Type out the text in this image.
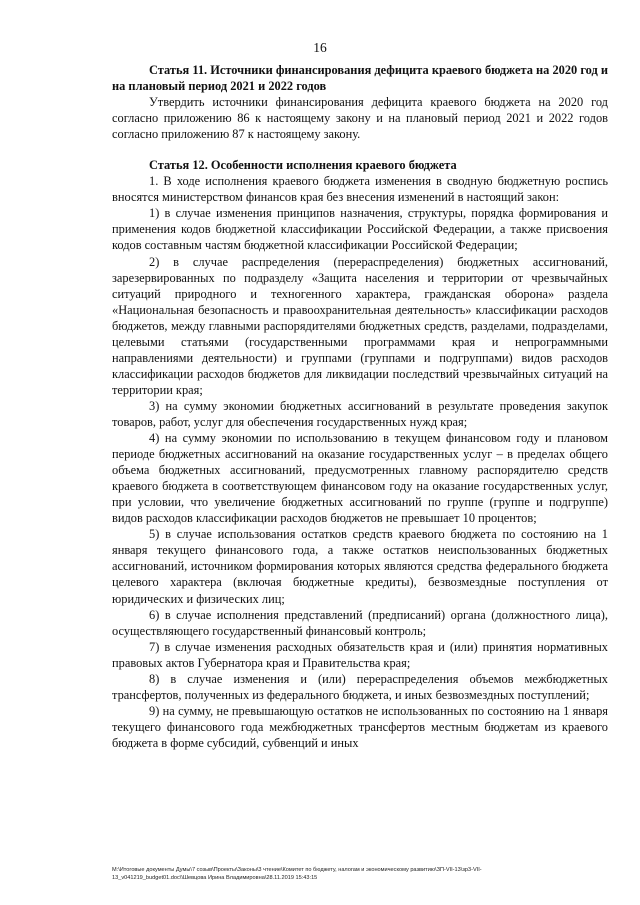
16

Статья 11. Источники финансирования дефицита краевого бюджета на 2020 год и на плановый период 2021 и 2022 годов

Утвердить источники финансирования дефицита краевого бюджета на 2020 год согласно приложению 86 к настоящему закону и на плановый период 2021 и 2022 годов согласно приложению 87 к настоящему закону.

Статья 12. Особенности исполнения краевого бюджета

1. В ходе исполнения краевого бюджета изменения в сводную бюджетную роспись вносятся министерством финансов края без внесения изменений в настоящий закон:

1) в случае изменения принципов назначения, структуры, порядка формирования и применения кодов бюджетной классификации Российской Федерации, а также присвоения кодов составным частям бюджетной классификации Российской Федерации;

2) в случае распределения (перераспределения) бюджетных ассигнований, зарезервированных по подразделу «Защита населения и территории от чрезвычайных ситуаций природного и техногенного характера, гражданская оборона» раздела «Национальная безопасность и правоохранительная деятельность» классификации расходов бюджетов, между главными распорядителями бюджетных средств, разделами, подразделами, целевыми статьями (государственными программами края и непрограммными направлениями деятельности) и группами (группами и подгруппами) видов расходов классификации расходов бюджетов для ликвидации последствий чрезвычайных ситуаций на территории края;

3) на сумму экономии бюджетных ассигнований в результате проведения закупок товаров, работ, услуг для обеспечения государственных нужд края;

4) на сумму экономии по использованию в текущем финансовом году и плановом периоде бюджетных ассигнований на оказание государственных услуг – в пределах общего объема бюджетных ассигнований, предусмотренных главному распорядителю средств краевого бюджета в соответствующем финансовом году на оказание государственных услуг, при условии, что увеличение бюджетных ассигнований по группе (группе и подгруппе) видов расходов классификации расходов бюджетов не превышает 10 процентов;

5) в случае использования остатков средств краевого бюджета по состоянию на 1 января текущего финансового года, а также остатков неиспользованных бюджетных ассигнований, источником формирования которых являются средства федерального бюджета целевого характера (включая бюджетные кредиты), безвозмездные поступления от юридических и физических лиц;

6) в случае исполнения представлений (предписаний) органа (должностного лица), осуществляющего государственный финансовый контроль;

7) в случае изменения расходных обязательств края и (или) принятия нормативных правовых актов Губернатора края и Правительства края;

8) в случае изменения и (или) перераспределения объемов межбюджетных трансфертов, полученных из федерального бюджета, и иных безвозмездных поступлений;

9) на сумму, не превышающую остатков не использованных по состоянию на 1 января текущего финансового года межбюджетных трансфертов местным бюджетам из краевого бюджета в форме субсидий, субвенций и иных

M:\Итоговые документы Думы\7 созыв\Проекты\Законы\3 чтение\Комитет по бюджету, налогам и экономическому развитию\ЗП-VII-13\зр3-VII-
13_v041219_budget01.doc\\Шевцова Ирина Владимировна\28.11.2019 15:43:15
